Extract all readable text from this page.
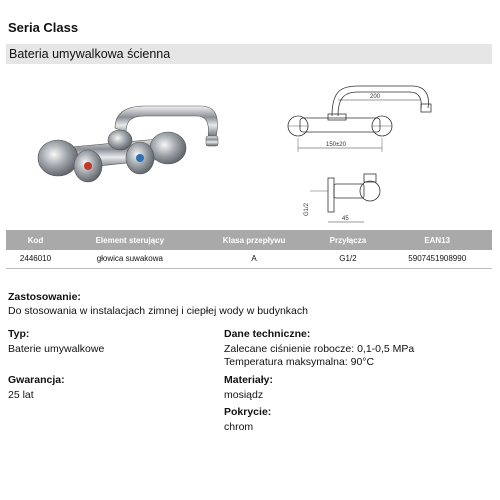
Seria Class
Bateria umywalkowa ścienna
200
150±20
G1/2
45
Kod	Element sterujący	Klasa przepływu	Przyłącza	EAN13
2446010	głowica suwakowa	A	G1/2	5907451908990
Zastosowanie:
Do stosowania w instalacjach zimnej i ciepłej wody w budynkach
Typ:
Baterie umywalkowe
Dane techniczne:
Zalecane ciśnienie robocze: 0,1-0,5 MPa
Temperatura maksymalna: 90°C
Gwarancja:
25 lat
Materiały:
mosiądz
Pokrycie:
chrom
